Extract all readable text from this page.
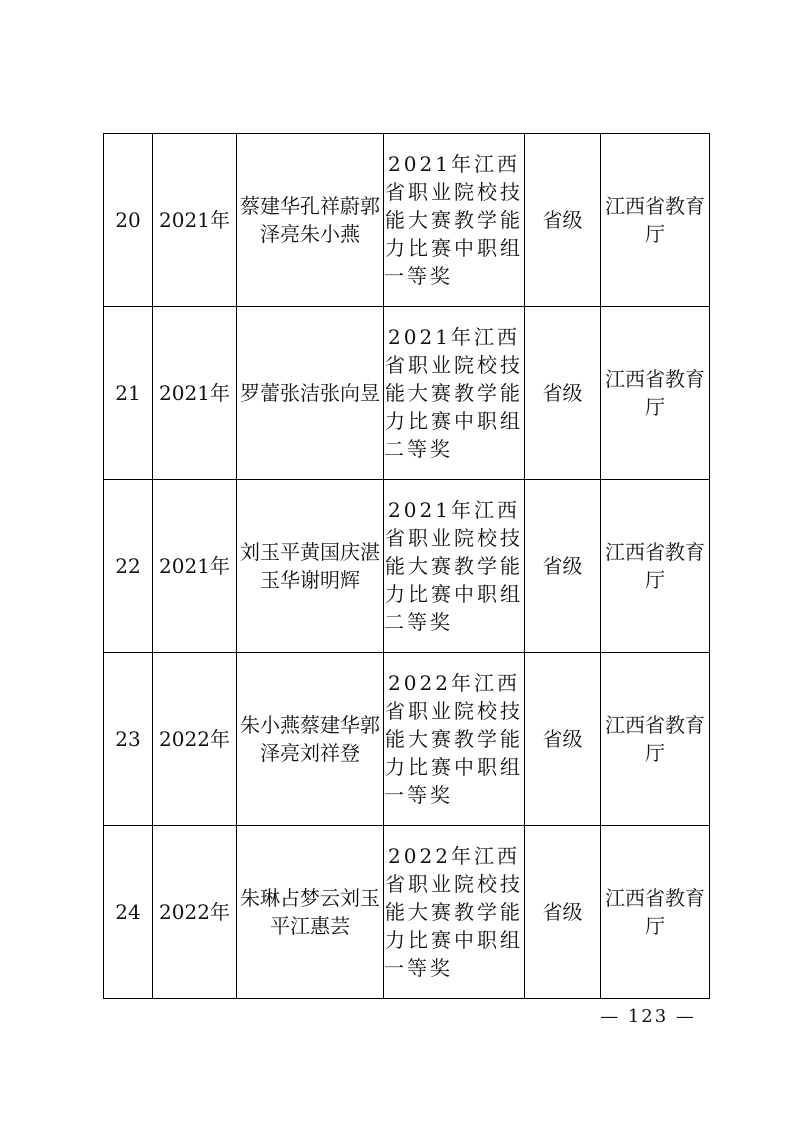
20	2021年	蔡建华孔祥蔚郭泽亮朱小燕	2021年江西省职业院校技能大赛教学能力比赛中职组一等奖	省级	江西省教育厅
21	2021年	罗蕾张洁张向昱	2021年江西省职业院校技能大赛教学能力比赛中职组二等奖	省级	江西省教育厅
22	2021年	刘玉平黄国庆湛玉华谢明辉	2021年江西省职业院校技能大赛教学能力比赛中职组二等奖	省级	江西省教育厅
23	2022年	朱小燕蔡建华郭泽亮刘祥登	2022年江西省职业院校技能大赛教学能力比赛中职组一等奖	省级	江西省教育厅
24	2022年	朱琳占梦云刘玉平江惠芸	2022年江西省职业院校技能大赛教学能力比赛中职组一等奖	省级	江西省教育厅
— 123 —
